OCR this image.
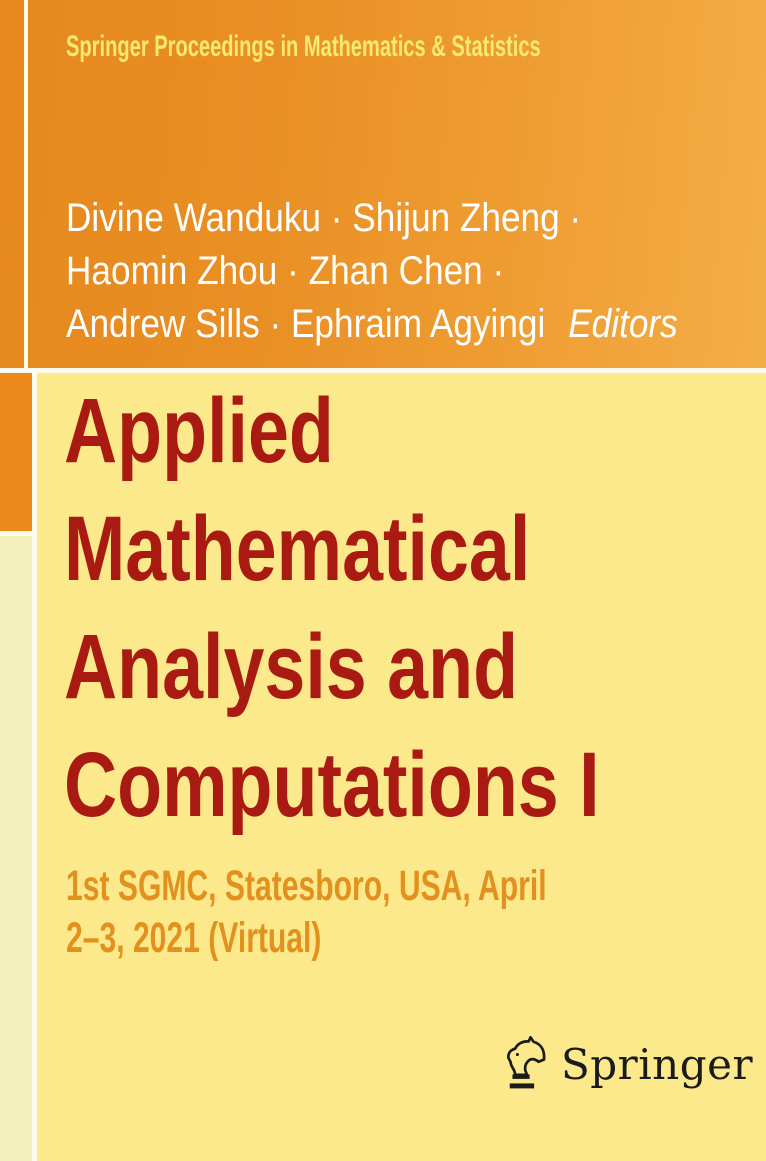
Springer Proceedings in Mathematics & Statistics
Divine Wanduku · Shijun Zheng ·
Haomin Zhou · Zhan Chen ·
Andrew Sills · Ephraim Agyingi Editors
Applied
Mathematical
Analysis and
Computations I
1st SGMC, Statesboro, USA, April
2–3, 2021 (Virtual)
Springer
